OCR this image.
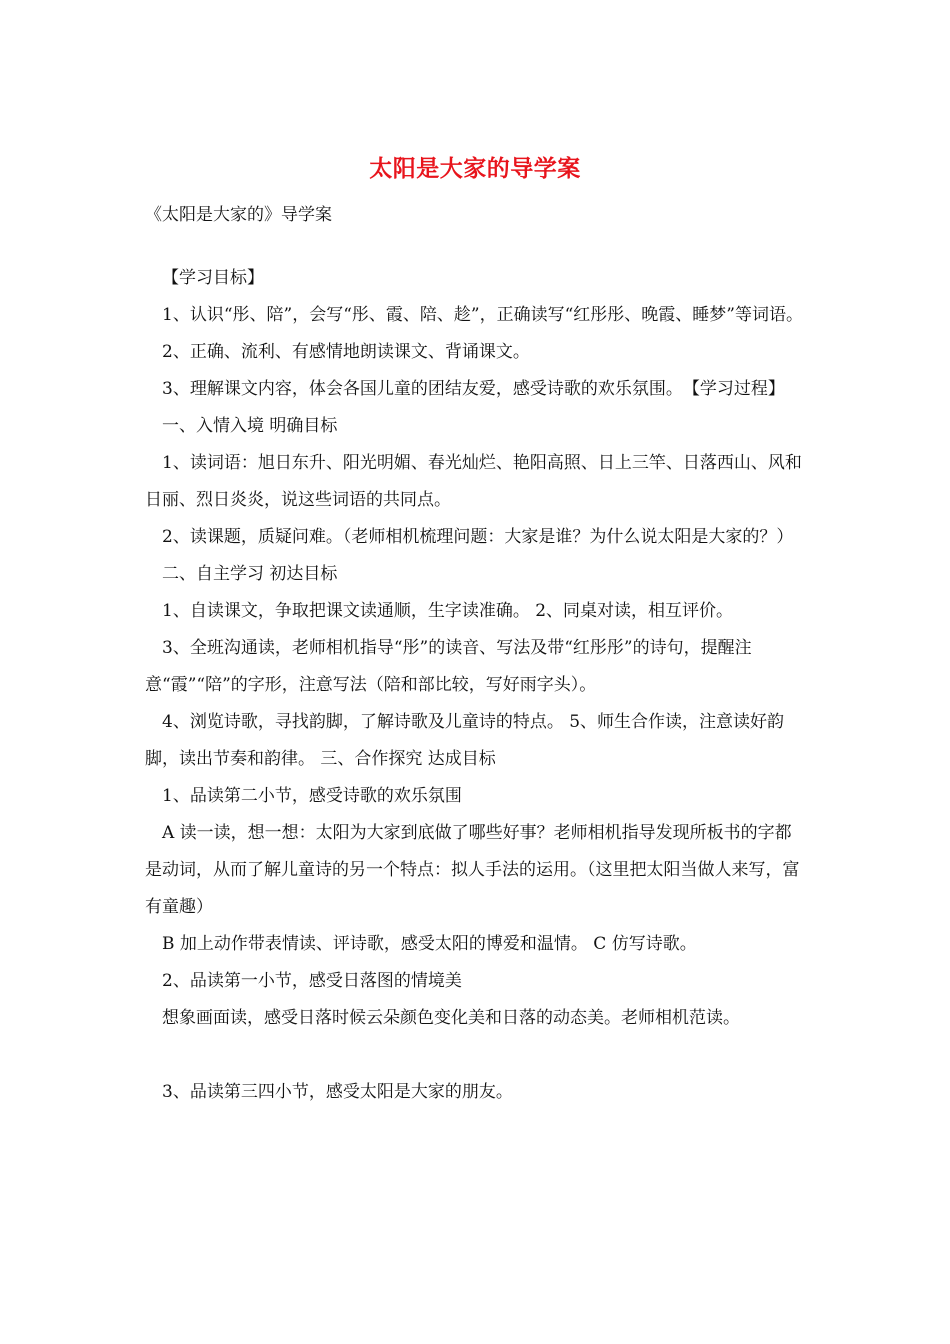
太阳是大家的导学案
《太阳是大家的》导学案

【学习目标】

1、认识“彤、陪”，会写“彤、霞、陪、趁”，正确读写“红彤彤、晚霞、睡梦”等词语。

2、正确、流利、有感情地朗读课文、背诵课文。

3、理解课文内容，体会各国儿童的团结友爱，感受诗歌的欢乐氛围。　【学习过程】

一、入情入境 明确目标

1、读词语：旭日东升、阳光明媚、春光灿烂、艳阳高照、日上三竿、日落西山、风和日丽、烈日炎炎，说这些词语的共同点。

2、读课题，质疑问难。（老师相机梳理问题：大家是谁？为什么说太阳是大家的？）

二、自主学习 初达目标

1、自读课文，争取把课文读通顺，生字读准确。 2、同桌对读，相互评价。

3、全班沟通读，老师相机指导“彤”的读音、写法及带“红彤彤”的诗句，提醒注意“霞”“陪”的字形，注意写法（陪和部比较，写好雨字头）。

4、浏览诗歌，寻找韵脚，了解诗歌及儿童诗的特点。 5、师生合作读，注意读好韵脚，读出节奏和韵律。 三、合作探究 达成目标

1、品读第二小节，感受诗歌的欢乐氛围

A 读一读，想一想：太阳为大家到底做了哪些好事？老师相机指导发现所板书的字都是动词，从而了解儿童诗的另一个特点：拟人手法的运用。（这里把太阳当做人来写，富有童趣）

B 加上动作带表情读、评诗歌，感受太阳的博爱和温情。 C 仿写诗歌。

2、品读第一小节，感受日落图的情境美

想象画面读，感受日落时候云朵颜色变化美和日落的动态美。老师相机范读。

3、品读第三四小节，感受太阳是大家的朋友。
